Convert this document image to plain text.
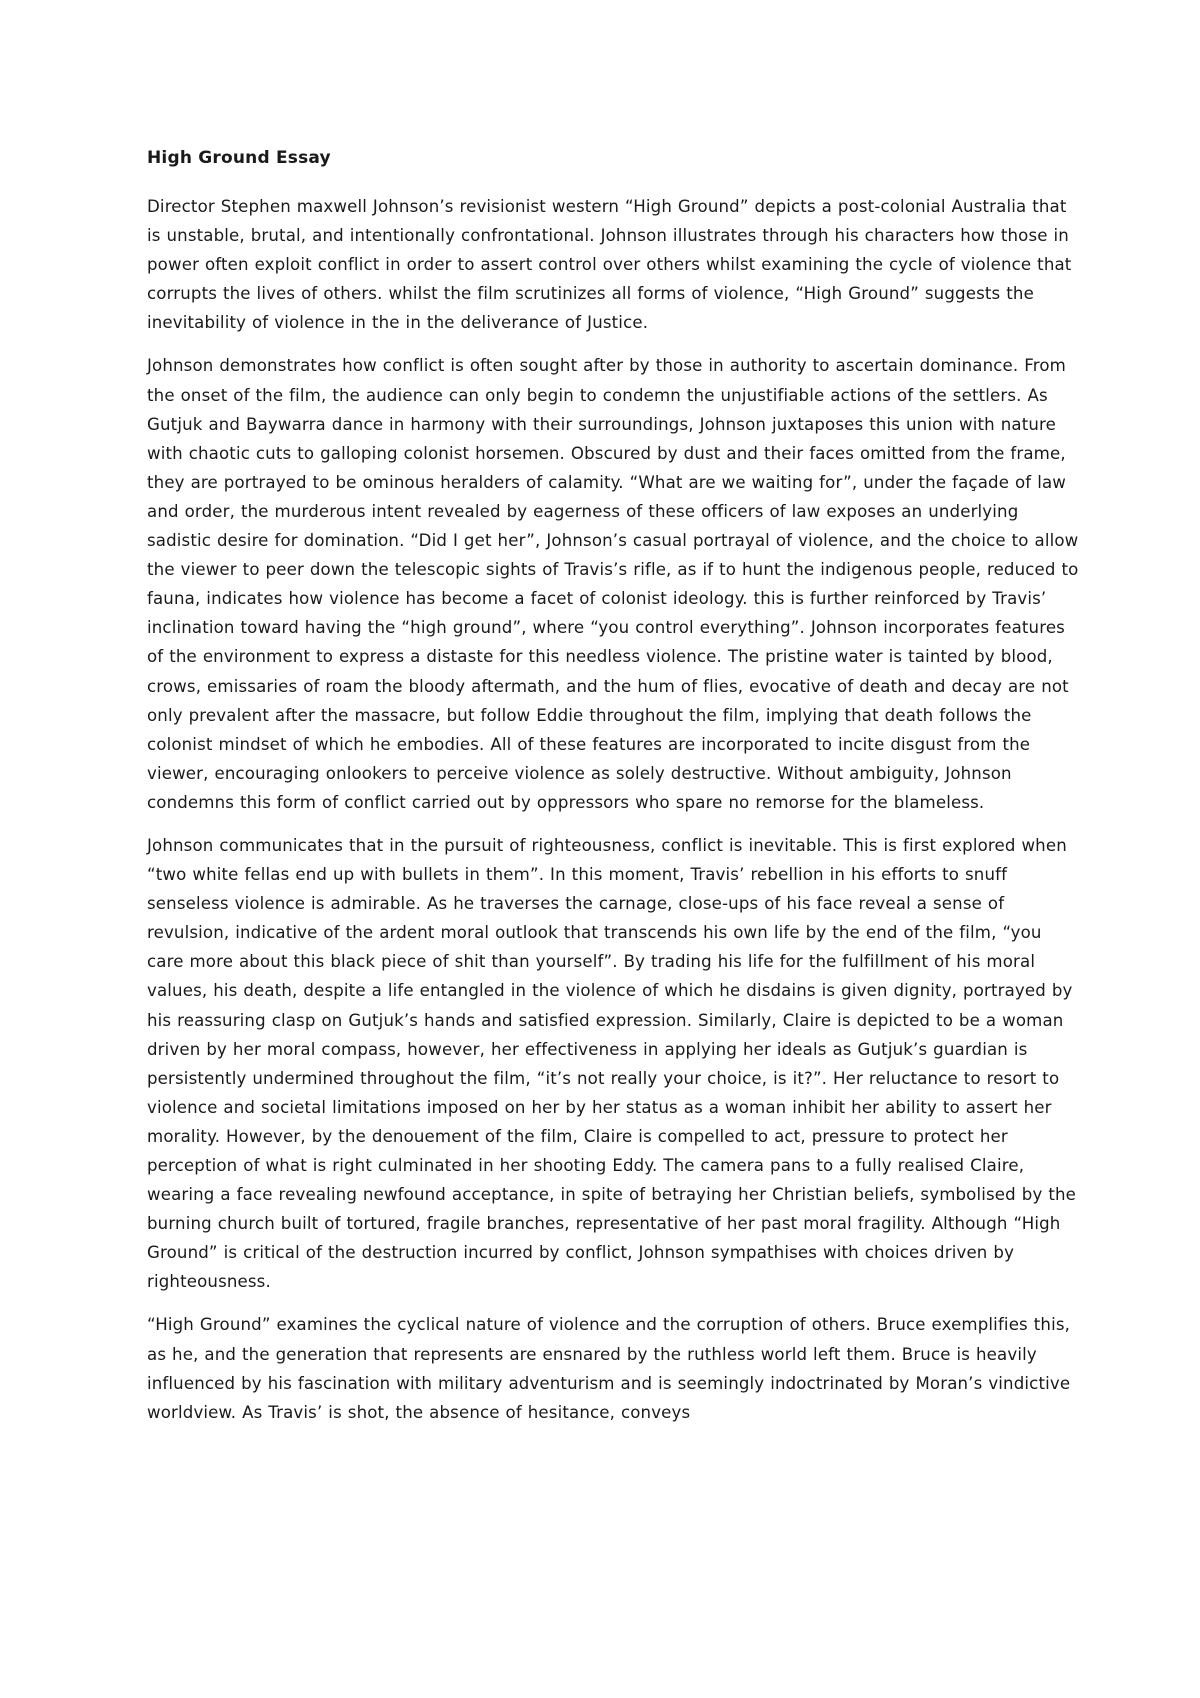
High Ground Essay

Director Stephen maxwell Johnson’s revisionist western “High Ground” depicts a post-colonial Australia that is unstable, brutal, and intentionally confrontational. Johnson illustrates through his characters how those in power often exploit conflict in order to assert control over others whilst examining the cycle of violence that corrupts the lives of others. whilst the film scrutinizes all forms of violence, “High Ground” suggests the inevitability of violence in the in the deliverance of Justice.

Johnson demonstrates how conflict is often sought after by those in authority to ascertain dominance. From the onset of the film, the audience can only begin to condemn the unjustifiable actions of the settlers. As Gutjuk and Baywarra dance in harmony with their surroundings, Johnson juxtaposes this union with nature with chaotic cuts to galloping colonist horsemen. Obscured by dust and their faces omitted from the frame, they are portrayed to be ominous heralders of calamity. “What are we waiting for”, under the façade of law and order, the murderous intent revealed by eagerness of these officers of law exposes an underlying sadistic desire for domination. “Did I get her”, Johnson’s casual portrayal of violence, and the choice to allow the viewer to peer down the telescopic sights of Travis’s rifle, as if to hunt the indigenous people, reduced to fauna, indicates how violence has become a facet of colonist ideology. this is further reinforced by Travis’ inclination toward having the “high ground”, where “you control everything”. Johnson incorporates features of the environment to express a distaste for this needless violence. The pristine water is tainted by blood, crows, emissaries of roam the bloody aftermath, and the hum of flies, evocative of death and decay are not only prevalent after the massacre, but follow Eddie throughout the film, implying that death follows the colonist mindset of which he embodies. All of these features are incorporated to incite disgust from the viewer, encouraging onlookers to perceive violence as solely destructive. Without ambiguity, Johnson condemns this form of conflict carried out by oppressors who spare no remorse for the blameless.

Johnson communicates that in the pursuit of righteousness, conflict is inevitable. This is first explored when “two white fellas end up with bullets in them”. In this moment, Travis’ rebellion in his efforts to snuff senseless violence is admirable. As he traverses the carnage, close-ups of his face reveal a sense of revulsion, indicative of the ardent moral outlook that transcends his own life by the end of the film, “you care more about this black piece of shit than yourself”. By trading his life for the fulfillment of his moral values, his death, despite a life entangled in the violence of which he disdains is given dignity, portrayed by his reassuring clasp on Gutjuk’s hands and satisfied expression. Similarly, Claire is depicted to be a woman driven by her moral compass, however, her effectiveness in applying her ideals as Gutjuk’s guardian is persistently undermined throughout the film, “it’s not really your choice, is it?”. Her reluctance to resort to violence and societal limitations imposed on her by her status as a woman inhibit her ability to assert her morality. However, by the denouement of the film, Claire is compelled to act, pressure to protect her perception of what is right culminated in her shooting Eddy. The camera pans to a fully realised Claire, wearing a face revealing newfound acceptance, in spite of betraying her Christian beliefs, symbolised by the burning church built of tortured, fragile branches, representative of her past moral fragility. Although “High Ground” is critical of the destruction incurred by conflict, Johnson sympathises with choices driven by righteousness.

“High Ground” examines the cyclical nature of violence and the corruption of others. Bruce exemplifies this, as he, and the generation that represents are ensnared by the ruthless world left them. Bruce is heavily influenced by his fascination with military adventurism and is seemingly indoctrinated by Moran’s vindictive worldview. As Travis’ is shot, the absence of hesitance, conveys
